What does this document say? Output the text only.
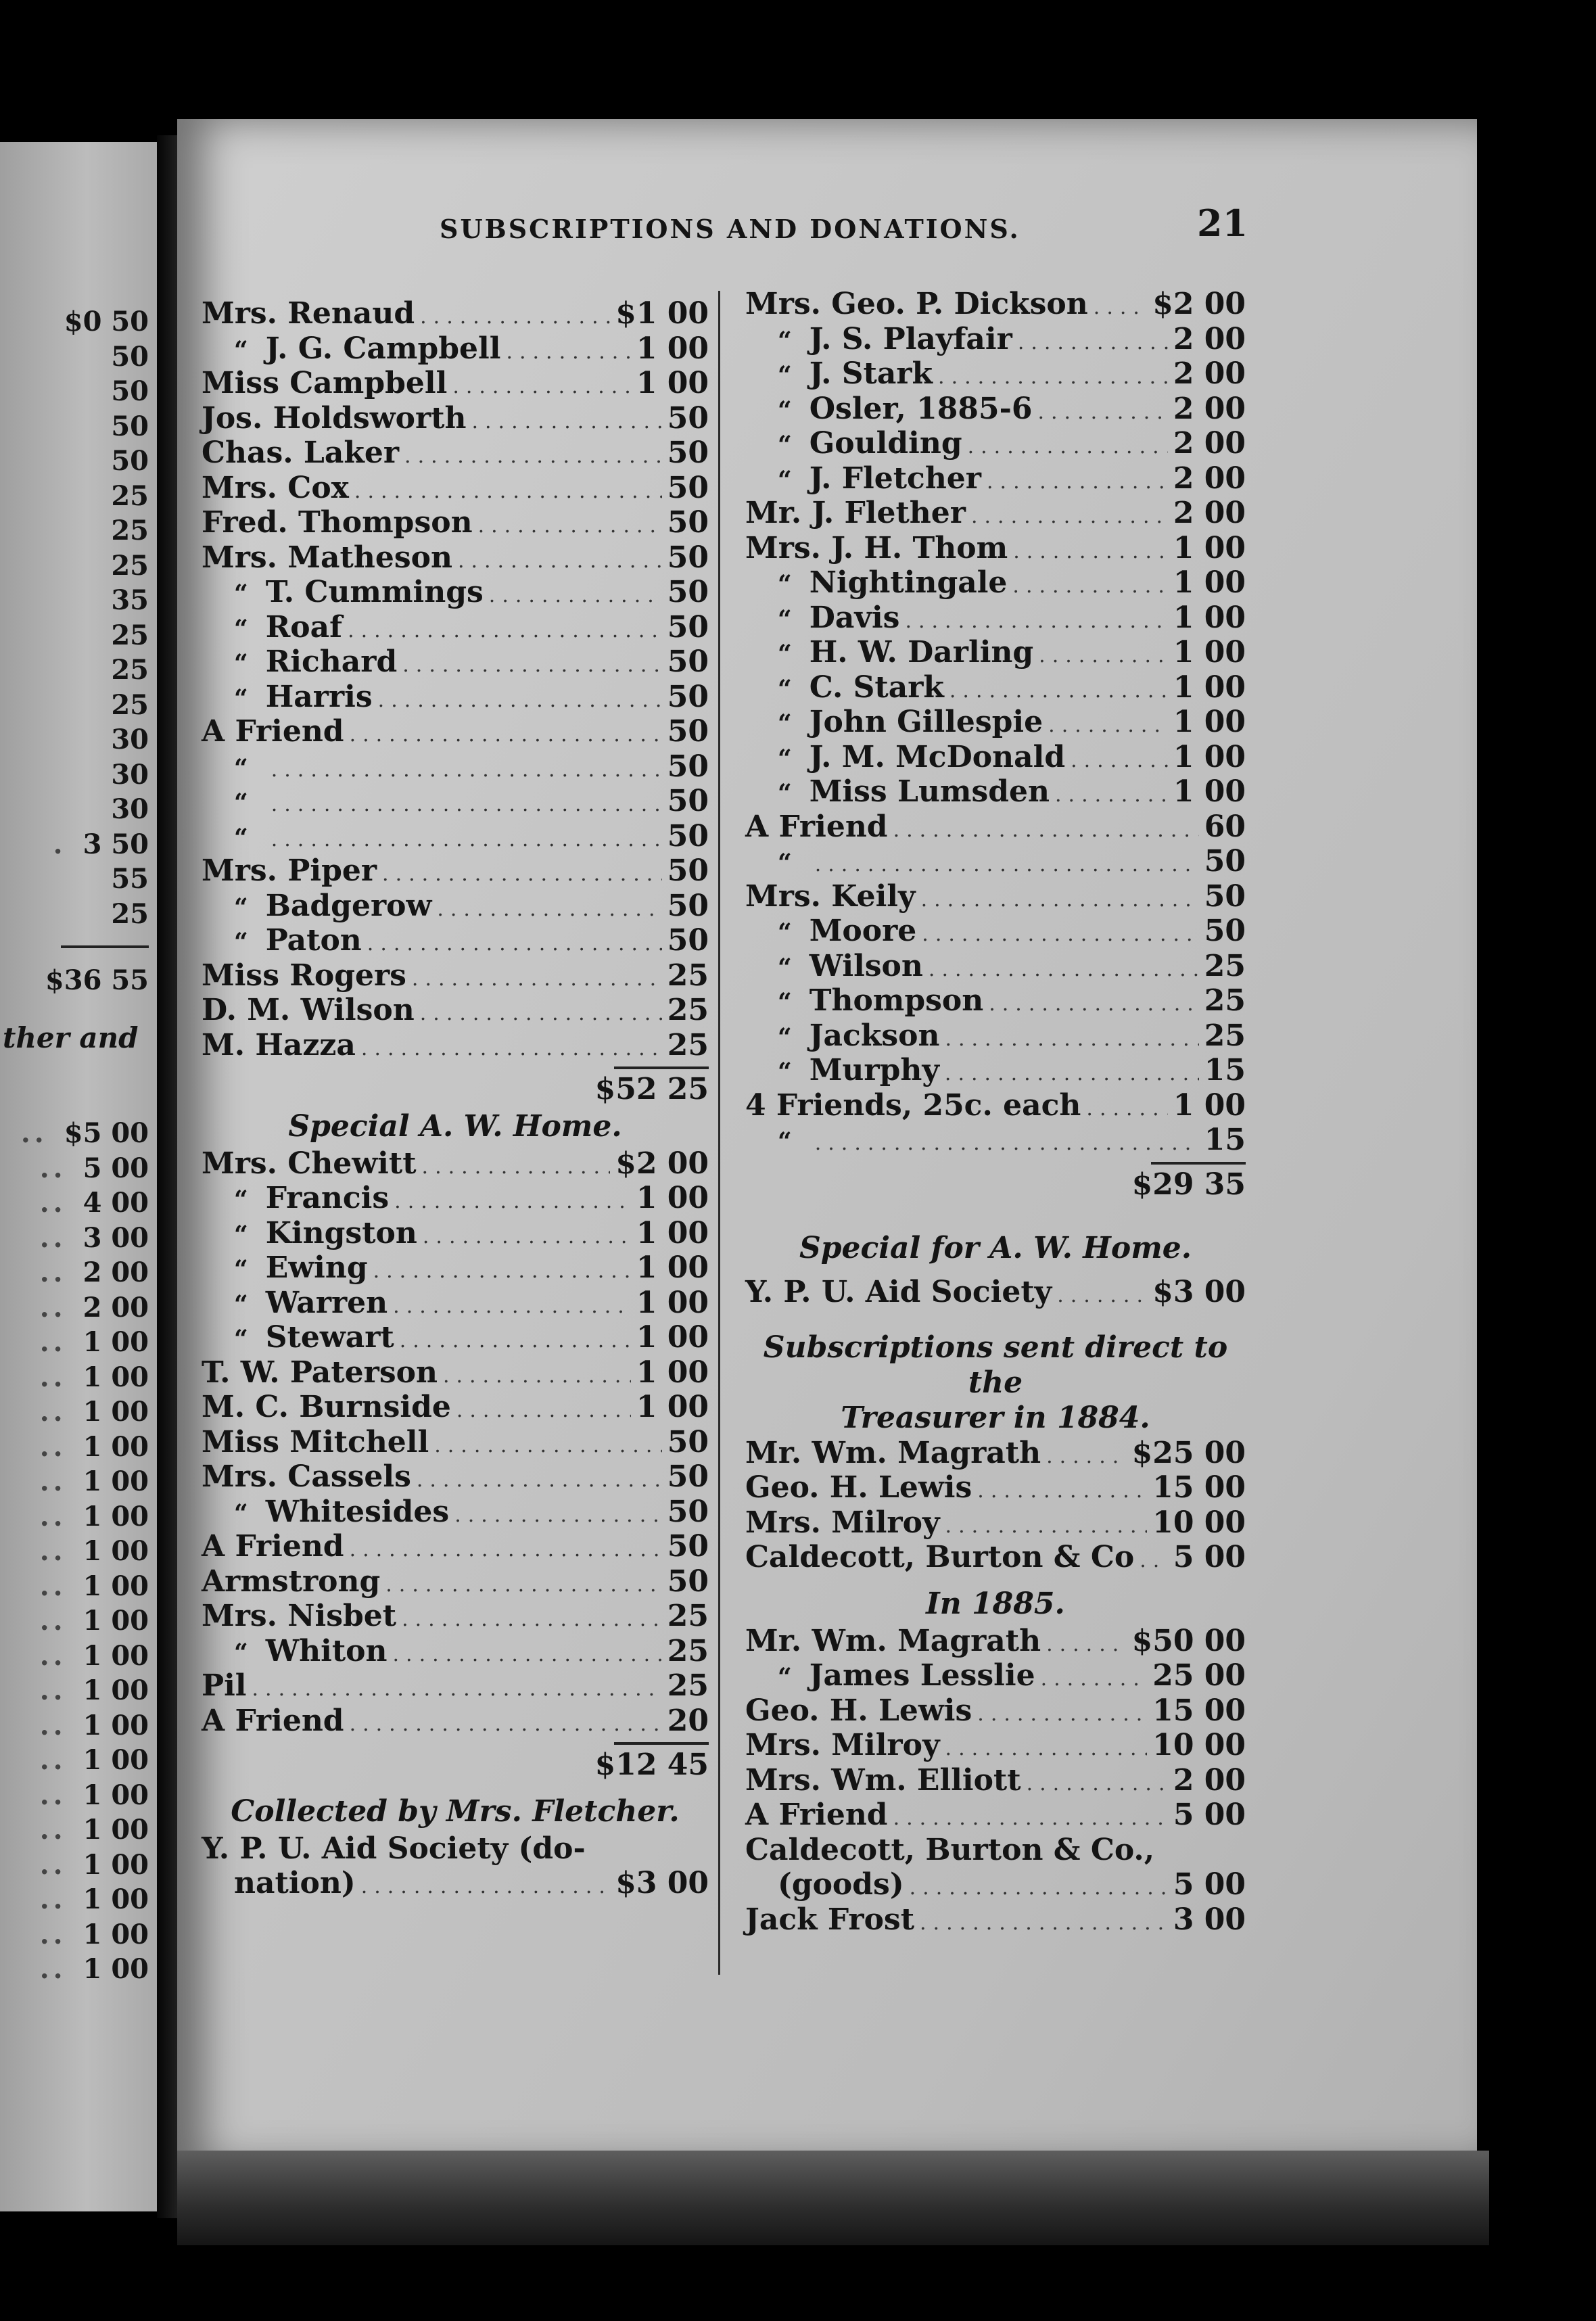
$0 50
50
50
50
50
25
25
25
35
25
25
25
30
30
30
. 3 50
55
25
$36 55
ther and
.. $5 00
.. 5 00
.. 4 00
.. 3 00
.. 2 00
.. 2 00
.. 1 00
.. 1 00
.. 1 00
.. 1 00
.. 1 00
.. 1 00
.. 1 00
.. 1 00
.. 1 00
.. 1 00
.. 1 00
.. 1 00
.. 1 00
.. 1 00
.. 1 00
.. 1 00
.. 1 00
.. 1 00
.. 1 00
SUBSCRIPTIONS AND DONATIONS.	21
Mrs. Renaud .....	$1 00
“ J. G. Campbell .....	1 00
Miss Campbell .....	1 00
Jos. Holdsworth .....	50
Chas. Laker .....	50
Mrs. Cox .....	50
Fred. Thompson .....	50
Mrs. Matheson .....	50
“ T. Cummings .....	50
“ Roaf .....	50
“ Richard .....	50
“ Harris .....	50
A Friend .....	50
“ .....	50
“ .....	50
“ .....	50
Mrs. Piper .....	50
“ Badgerow .....	50
“ Paton .....	50
Miss Rogers .....	25
D. M. Wilson .....	25
M. Hazza .....	25
$52 25
Special A. W. Home.
Mrs. Chewitt .....	$2 00
“ Francis .....	1 00
“ Kingston .....	1 00
“ Ewing .....	1 00
“ Warren .....	1 00
“ Stewart .....	1 00
T. W. Paterson .....	1 00
M. C. Burnside .....	1 00
Miss Mitchell .....	50
Mrs. Cassels .....	50
“ Whitesides .....	50
A Friend .....	50
Armstrong .....	50
Mrs. Nisbet .....	25
“ Whiton .....	25
Pil .....	25
A Friend .....	20
$12 45
Collected by Mrs. Fletcher.
Y. P. U. Aid Society (do-
nation) .....	$3 00
Mrs. Geo. P. Dickson ..... $2 00
“ J. S. Playfair .....	2 00
“ J. Stark .....	2 00
“ Osler, 1885-6 .....	2 00
“ Goulding .....	2 00
“ J. Fletcher .....	2 00
Mr. J. Flether .....	2 00
Mrs. J. H. Thom .....	1 00
“ Nightingale .....	1 00
“ Davis .....	1 00
“ H. W. Darling .....	1 00
“ C. Stark .....	1 00
“ John Gillespie .....	1 00
“ J. M. McDonald .....	1 00
“ Miss Lumsden .....	1 00
A Friend .....	60
“ .....	50
Mrs. Keily .....	50
“ Moore .....	50
“ Wilson .....	25
“ Thompson .....	25
“ Jackson .....	25
“ Murphy .....	15
4 Friends, 25c. each .....	1 00
“ .....	15
$29 35
Special for A. W. Home.
Y. P. U. Aid Society .....	$3 00
Subscriptions sent direct to the
Treasurer in 1884.
Mr. Wm. Magrath .....	$25 00
Geo. H. Lewis .....	15 00
Mrs. Milroy .....	10 00
Caldecott, Burton & Co ..... 5 00
In 1885.
Mr. Wm. Magrath .....	$50 00
“ James Lesslie .....	25 00
Geo. H. Lewis .....	15 00
Mrs. Milroy .....	10 00
Mrs. Wm. Elliott .....	2 00
A Friend .....	5 00
Caldecott, Burton & Co.,
(goods) .....	5 00
Jack Frost .....	3 00
